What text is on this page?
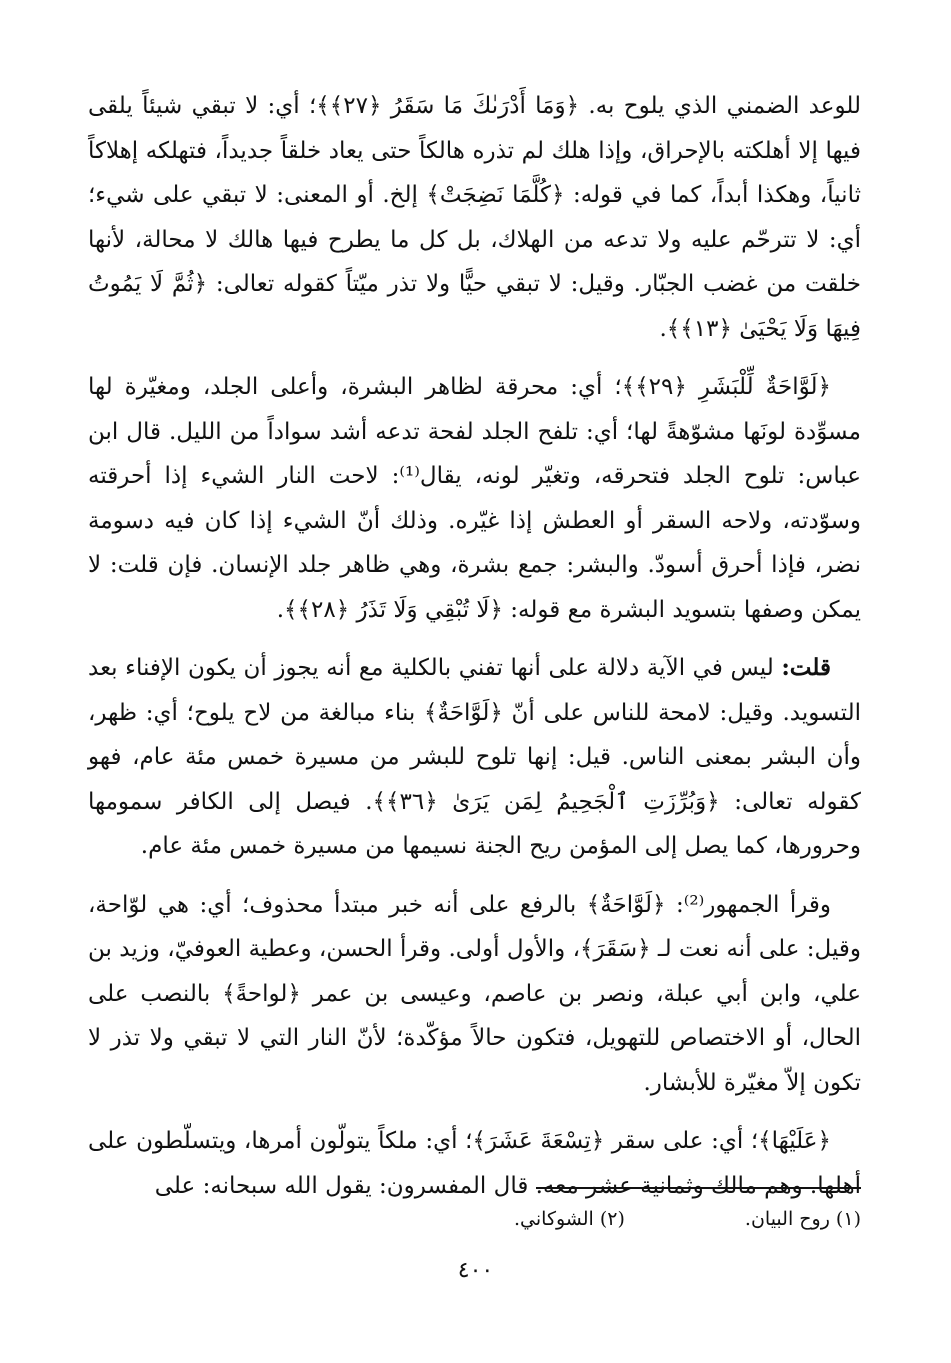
للوعد الضمني الذي يلوح به. ﴿وَمَا أَدْرَىٰكَ مَا سَقَرُ ﴿٢٧﴾﴾؛ أي: لا تبقي شيئاً يلقى فيها إلا أهلكته بالإحراق، وإذا هلك لم تذره هالكاً حتى يعاد خلقاً جديداً، فتهلكه إهلاكاً ثانياً، وهكذا أبداً، كما في قوله: ﴿كُلَّمَا نَضِجَتْ﴾ إلخ. أو المعنى: لا تبقي على شيء؛ أي: لا تترحّم عليه ولا تدعه من الهلاك، بل كل ما يطرح فيها هالك لا محالة، لأنها خلقت من غضب الجبّار. وقيل: لا تبقي حيًّا ولا تذر ميّتاً كقوله تعالى: ﴿ثُمَّ لَا يَمُوتُ فِيهَا وَلَا يَحْيَىٰ ﴿١٣﴾﴾.

﴿لَوَّاحَةٌ لِّلْبَشَرِ ﴿٢٩﴾﴾؛ أي: محرقة لظاهر البشرة، وأعلى الجلد، ومغيّرة لها مسوِّدة لونَها مشوّهةً لها؛ أي: تلفح الجلد لفحة تدعه أشد سواداً من الليل. قال ابن عباس: تلوح الجلد فتحرقه، وتغيّر لونه، يقال⁽¹⁾: لاحت النار الشيء إذا أحرقته وسوّدته، ولاحه السقر أو العطش إذا غيّره. وذلك أنّ الشيء إذا كان فيه دسومة نضر، فإذا أحرق أسودّ. والبشر: جمع بشرة، وهي ظاهر جلد الإنسان. فإن قلت: لا يمكن وصفها بتسويد البشرة مع قوله: ﴿لَا تُبْقِي وَلَا تَذَرُ ﴿٢٨﴾﴾.

قلت: ليس في الآية دلالة على أنها تفني بالكلية مع أنه يجوز أن يكون الإفناء بعد التسويد. وقيل: لامحة للناس على أنّ ﴿لَوَّاحَةٌ﴾ بناء مبالغة من لاح يلوح؛ أي: ظهر، وأن البشر بمعنى الناس. قيل: إنها تلوح للبشر من مسيرة خمس مئة عام، فهو كقوله تعالى: ﴿وَبُرِّزَتِ ٱلْجَحِيمُ لِمَن يَرَىٰ ﴿٣٦﴾﴾. فيصل إلى الكافر سمومها وحرورها، كما يصل إلى المؤمن ريح الجنة نسيمها من مسيرة خمس مئة عام.

وقرأ الجمهور⁽²⁾: ﴿لَوَّاحَةٌ﴾ بالرفع على أنه خبر مبتدأ محذوف؛ أي: هي لوّاحة، وقيل: على أنه نعت لـ ﴿سَقَرَ﴾، والأول أولى. وقرأ الحسن، وعطية العوفيّ، وزيد بن علي، وابن أبي عبلة، ونصر بن عاصم، وعيسى بن عمر ﴿لواحةً﴾ بالنصب على الحال، أو الاختصاص للتهويل، فتكون حالاً مؤكّدة؛ لأنّ النار التي لا تبقي ولا تذر لا تكون إلاّ مغيّرة للأبشار.

﴿عَلَيْهَا﴾؛ أي: على سقر ﴿تِسْعَةَ عَشَرَ﴾؛ أي: ملكاً يتولّون أمرها، ويتسلّطون على أهلها. وهم مالك وثمانية عشر معه. قال المفسرون: يقول الله سبحانه: على

(١) روح البيان.
(٢) الشوكاني.
٤٠٠
